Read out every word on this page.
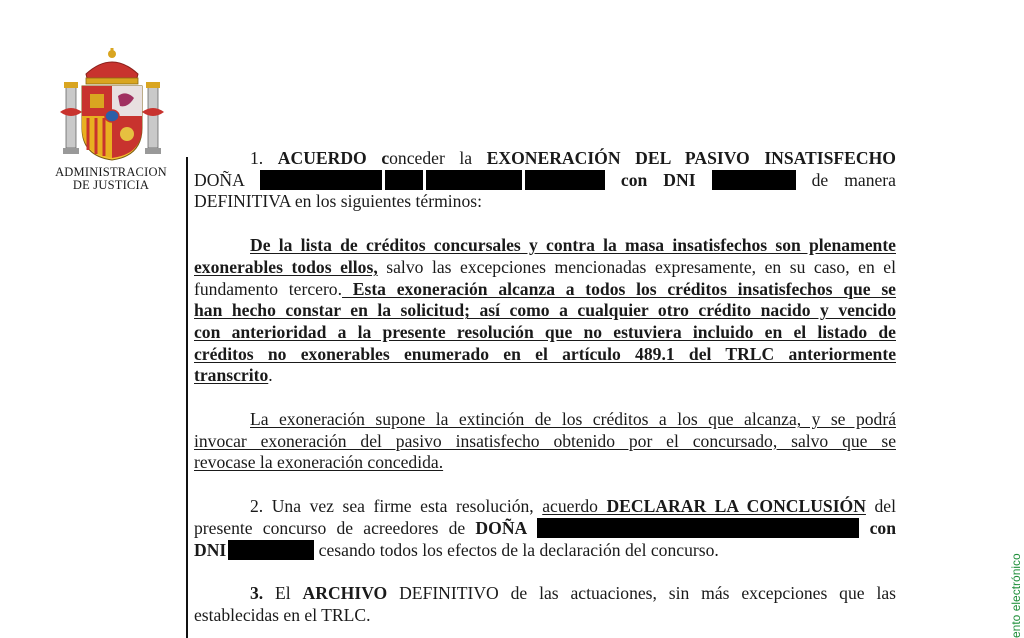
ADMINISTRACION
DE JUSTICIA

1. ACUERDO conceder la EXONERACIÓN DEL PASIVO INSATISFECHO
DOÑA	con DNI	de manera
DEFINITIVA en los siguientes términos:

De la lista de créditos concursales y contra la masa insatisfechos son plenamente
exonerables todos ellos, salvo las excepciones mencionadas expresamente, en su caso, en el
fundamento tercero. Esta exoneración alcanza a todos los créditos insatisfechos que se
han hecho constar en la solicitud; así como a cualquier otro crédito nacido y vencido
con anterioridad a la presente resolución que no estuviera incluido en el listado de
créditos no exonerables enumerado en el artículo 489.1 del TRLC anteriormente
transcrito.

La exoneración supone la extinción de los créditos a los que alcanza, y se podrá
invocar exoneración del pasivo insatisfecho obtenido por el concursado, salvo que se
revocase la exoneración concedida.

2. Una vez sea firme esta resolución, acuerdo DECLARAR LA CONCLUSIÓN del
presente concurso de acreedores de DOÑA	con
DNI	cesando todos los efectos de la declaración del concurso.

3. El ARCHIVO DEFINITIVO de las actuaciones, sin más excepciones que las
establecidas en el TRLC.	ento electrónico
